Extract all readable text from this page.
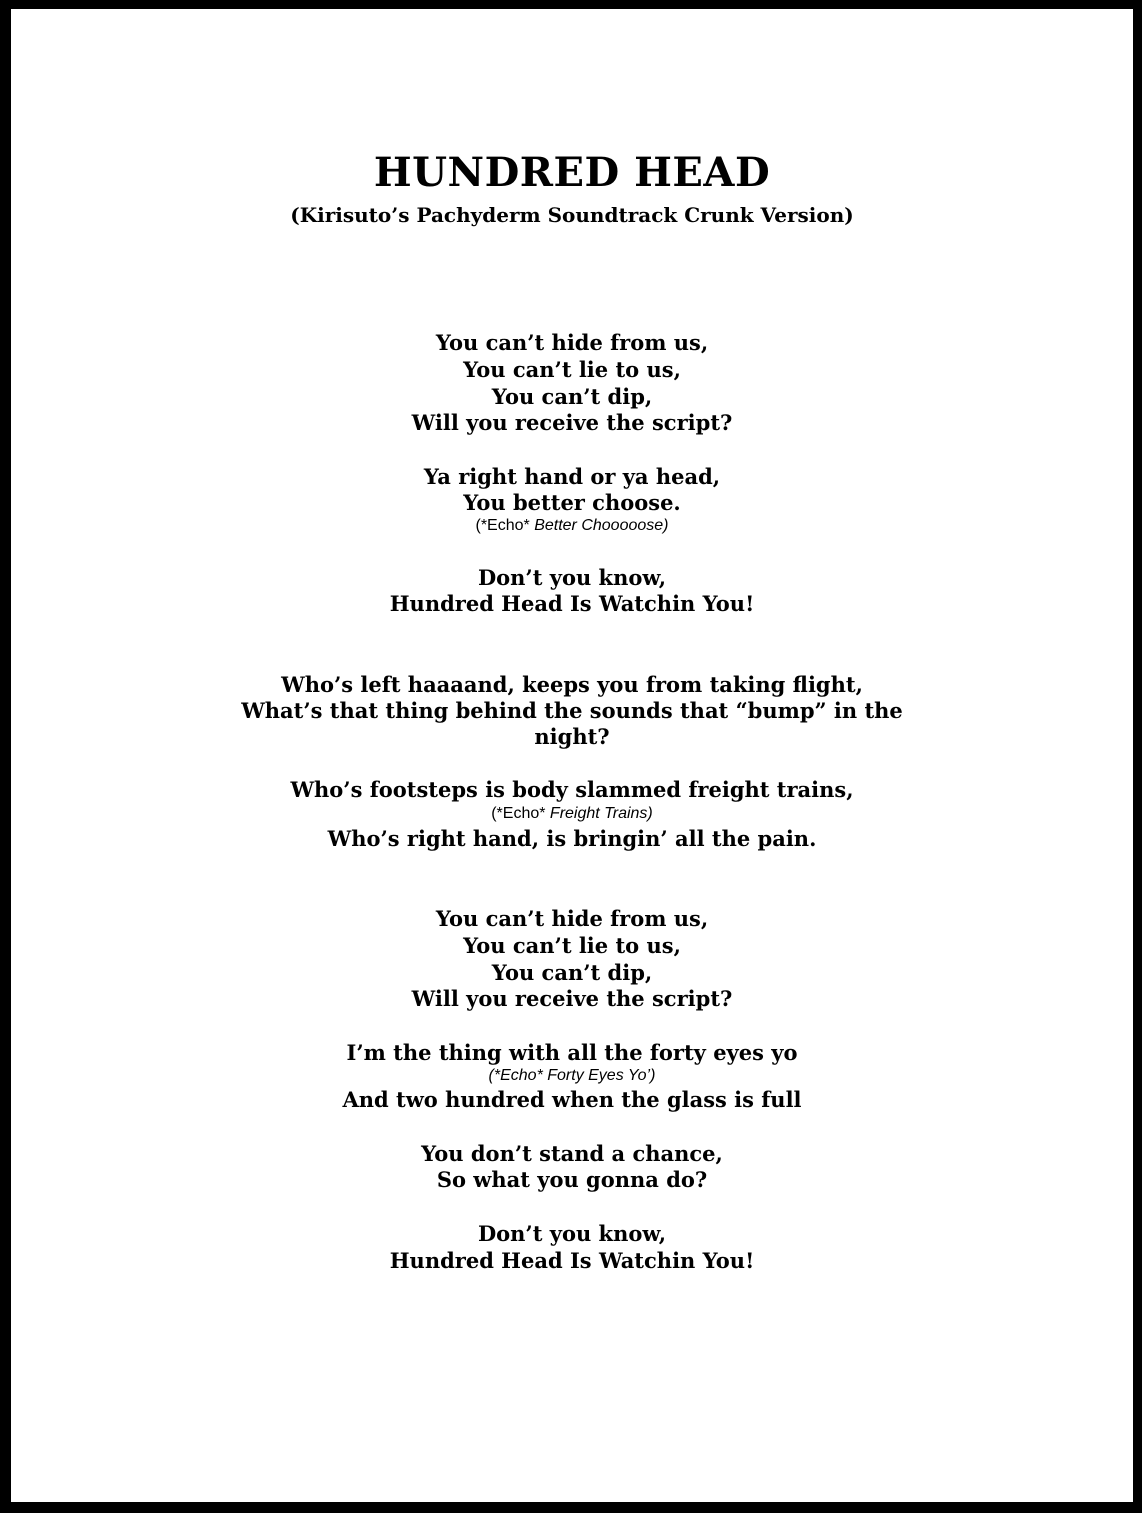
HUNDRED HEAD
(Kirisuto’s Pachyderm Soundtrack Crunk Version)
You can’t hide from us,
You can’t lie to us,
You can’t dip,
Will you receive the script?
Ya right hand or ya head,
You better choose.
(*Echo* Better Chooooose)
Don’t you know,
Hundred Head Is Watchin You!
Who’s left haaaand, keeps you from taking flight,
What’s that thing behind the sounds that “bump” in the
night?
Who’s footsteps is body slammed freight trains,
(*Echo* Freight Trains)
Who’s right hand, is bringin’ all the pain.
You can’t hide from us,
You can’t lie to us,
You can’t dip,
Will you receive the script?
I’m the thing with all the forty eyes yo
(*Echo* Forty Eyes Yo’)
And two hundred when the glass is full
You don’t stand a chance,
So what you gonna do?
Don’t you know,
Hundred Head Is Watchin You!
